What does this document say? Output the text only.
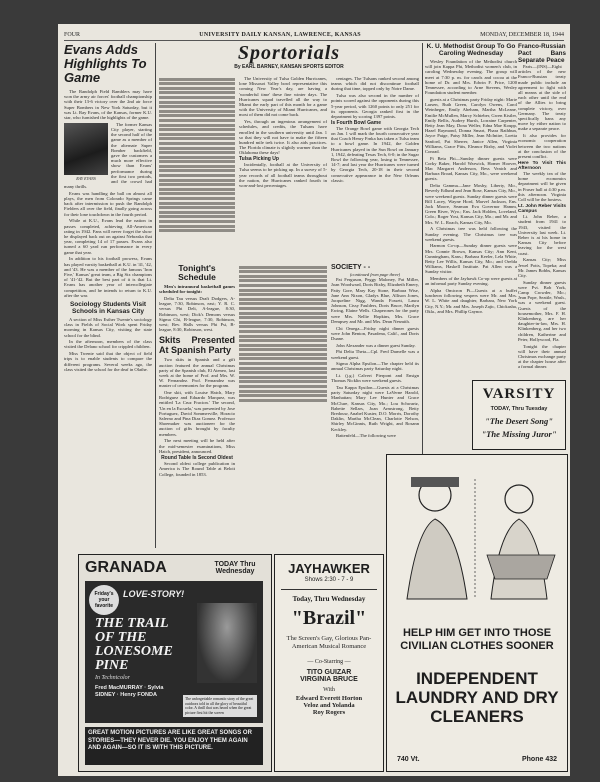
FOUR	UNIVERSITY DAILY KANSAN, LAWRENCE, KANSAS	MONDAY, DECEMBER 18, 1944
Evans Adds Highlights To Game

The Randolph Field Ramblers may have won the army air forces' football championship with their 13-6 victory over the 2nd air force Super Bombers in New York Saturday, but it was Lt. Ray Evans, of the Kansas, former K.U. star, who furnished the highlights of the game.

RAY EVANS

The former Kansas City player, starting the second half of the game as a member of the alternate Super Bomber backfield, gave the customers a much more effective show than Evans' performance during the first two periods, and the crowd had many thrills.

Evans was handling the ball on almost all plays, the men from Colorado Springs came back after intermission to push the Randolph Fielders all over the field, finally going across for their lone touchdown in the fourth period.

While at K.U., Evans lead the nation in passes completed, achieving All-American rating in 1942. Fans will never forget the show he displayed back out on against Nebraska that year, completing 14 of 17 passes. Evans also turned a 60 yard run performance in every game that year.

In addition to his football prowess, Evans has played varsity basketball at K.U. in '41, '42, and '43. He was a member of the famous 'Iron Five,' Kansas' great team, a Big Six champions of '41-'42. But the best part of it is that Lt. Evans has another year of intercollegiate competition, and he intends to return to K.U. after the war.

Sociology Students Visit Schools in Kansas City

A section of Miss Esther Twente's sociology class in Fields of Social Work spent Friday morning in Kansas City, visiting the state school for the blind.

In the afternoon, members of the class visited the Delano school for crippled children.

Miss Twente said that the object of field trips is to enable students to compare the different programs. Several weeks ago, the class visited the school for the deaf in Olathe.

Sportorials
By EARL BARNEY, KANSAN SPORTS EDITOR

The University of Tulsa Golden Hurricanes, lone Missouri Valley bowl representative this coming New Year's day, are having a 'wonderful time' these fine winter days. The Hurricanes squad travelled all the way to Miami the early part of this month for a game with the University of Miami Hurricanes, and most of them did not come back.

Yes, through an ingenious arrangement of schedules, and credits, the Tulsans have enrolled in the southern university until Jan. 1 so that they will not have to make the fifteen hundred mile trek twice. It also aids practices. The Florida climate is slightly warmer than the Oklahoma these days!

Tulsa Picking Up

Incidentally, football at the University of Tulsa seems to be picking up. In a survey of 5-year records of all football teams throughout the nation, the Hurricanes ranked fourth in won-and-lost percentages.

centages. The Tulsans ranked second among teams which did not discontinue football during that time, topped only by Notre Dame.

Tulsa was also second in the number of points scored against the opponents during this 5-year period, with 1260 points to only 251 for its opponents. Georgia ranked first in the department by scoring 1397 points.

Is Fourth Bowl Game

The Orange Bowl game with Georgia Tech on Jan. 1 will mark the fourth consecutive year that Coach Henry Frnka has taken a Tulsa team to a bowl game. In 1942, the Golden Hurricanes played in the Sun Bowl on January 1, 1942, defeating Texas Tech, 6-0; in the Sugar Bowl the following year, losing to Tennessee, 14-7; and last year the Hurricanes were turned by Georgia Tech, 20-18 in their second consecutive appearance in the New Orleans classic.

Tonight's Schedule

Men's intramural basketball games scheduled for tonight:

Delta Tau versus Draft Dodgers, A-league, 7:30, Robinson, east; Y. R. C. versus Phi Delt, A-league, 8:30, Robinson, west; Dick's Demons versus Sigma Chi, B-league, 7:30, Robinson, west; Bev. Halls versus Phi Psi, B-league, 8:30, Robinson, west.

Skits Presented At Spanish Party

Two skits in Spanish and a gift auction featured the annual Christmas party of the Spanish club, El Ateneo, last week at the home of Prof. and Mrs. W. W. Fernandez. Prof. Fernandez was master of ceremonies for the program.

One skit, with Louise Hatch, Mary Rodriguez and Eduardo Marquez, was entitled 'La Cruz Fracion.' The second, 'Un en la Escuela,' was presented by Jose Portuguez, David Sommerville, Horacio Salerno and Pina Diaz Gomez. Professor Shoemaker was auctioneer for the auction of gifts brought by faculty members.

The next meeting will be held after the mid-semester examinations, Miss Hatch, president, announced.

Round Table Is Second Oldest

Second oldest college publication in America is The Round Table at Beloit College, founded in 1853.

SOCIETY - -
(continued from page three)

Pat Ferguson, Peggy Maloney, Pat Miller, Joan Woodward, Doris Bixby, Elizabeth Emery, Patty Gore, Mary Kay Stone, Barbara Wise, Jane Ann Nixon, Gladys Blue, Allison Jones, Jacqueline Nigg, Wanda Fossett, Laura Johnson, Cissy Faulders, Doris Bruce, Marilyn Ewing, Elaine Wells. Chaperones for the party were Mrs. Nellie Hopkins, Mrs. Grace Dempsey and Mr. and Mrs. Dean Nesmith.

Chi Omega—Friday night dinner guests were John Benton, Pasadena, Calif., and Doris Duane.

John Alexander was a dinner guest Sunday.

Phi Delta Theta—Cpl. Fred Darnelle was a weekend guest.

Sigma Alpha Epsilon—The chapter held its annual Christmas party Saturday night.

Lt. (j.g.) Calvert Pierpont and Ensign Thomas Nicklin were weekend guests.

Tau Kappa Epsilon—Guests at a Christmas party Saturday night were LaVerne Harold, Manhattan; Mary Lee Hunter and Grace McClure, Kansas City, Mo.; Lou Schwartz, Babette Sellars, Joan Armstrong, Betty Bredouw, Anabel Kuster, D.O. Morris, Dorothy Daklin, Martha McClean, Charlotte Nelson, Shirley McGinnis, Ruth Wright, and Rosann Keckley.

Battenfeld—The following were

K. U. Methodist Group To Go Caroling Wednesday

Wesley Foundation of the Methodist church will join Kappa Phi, Methodist women's club, in caroling Wednesday evening. The group will meet at 7:30 p. m. for carols and cocoa at the home of Dr. and Mrs. Edwin F. Price, 1200 Tennessee, according to Arne Stevens, Wesley Foundation student member.

guests at a Christmas party Friday night: Marie Larsen, Ruth Green, Carolyn Owens, Carol Weinheger, Emily Abeham, Martha McLeane, Emilie McMullen, Marcy Schieber, Gwen Kistler, Emily Bellis, Audrey Hursh, Lorraine Carpenter, Betty Jean May, Dona Weller, Edna Mae Koupp, Hazel Raymond, Donna Smart, Phara Rathbun, Joyce Paige, Patsy Miller, Jean McIntire, Loetta Sanford, Pat Sherrer, Janice Allen, Virginia Williams, Grace Pitts, Eleanor Bixby, and Violet Conrad.

Pi Beta Phi—Sunday dinner guests were Corky Baker, Harold Warwick, Homer Hoover, Mac Margaret Anderson, Bess Veatch and Barbara Broad, Kansas City, Mo., were weekend guests.

Delta Gamma—Jane Mosby, Liberty, Mo., Beverly Edlund and Jean Rose, Kansas City, Mo., were weekend guests. Sunday dinner guests were Bill Lacey, Wayne Hord, Marvel Jackson, Ens. Jack Moore, Seaman Eva Governor Hamm, Green River, Wyo.; Ens. Jack Holden, Loveland, Colo.; Roger Yost, Kansas City, Mo.; and Mr. and Mrs. W. L. Roach, Kansas City, Mo.

A Christmas tree was held following the Sunday evening. The Christmas tree was weekend guests.

Harmon Co-op—Sunday dinner guests were Mrs. Connie Brown, Kansas City; Ann Kent, Cunningham, Kans.; Barbara Keeler, Lela White, Betty Lee Willis, Kansas City, Mo.; and Orelda Williams, Haskell Institute. Pat Allen was a Sunday visitor.

Members of the Jayhawk Co-op were guests at an informal party Sunday evening.

Alpha Omicron Pi—Guests at a buffet luncheon following vespers were Mr. and Mrs. W. L. White and daughter, Barbara, New York City, N.Y.; Mr. and Mrs. Joseph Zajic, Chickasha, Okla., and Mrs. Phillip Gaynor.

Franco-Russian Pact Bans Separate Peace

Paris—(INS)—Eight articles of the new Franco-Russian treaty made public include an agreement to fight with all means at the side of each other until the end of the Allies to bring complete victory, over Germany. The treaty specifically bans any move by either nation to make a separate peace.

It also provides for economic cooperation between the two nations at the conclusion of the present conflict.

Here To Visit This Afternoon

The weekly tea of the home economics department will be given in Fraser hall at 4:30 p.m. this afternoon. Virginia Coll will be the hostess.

Lt. John Reber Visits Campus

Lt. John Reber, a student from 1941 to 1943, visited the University last week. Lt. Reber is at his home in Kansas City before leaving for the west coast.

Kansas City; Miss Jewel Potts, Topeka; and Mr. James Bobbs, Kansas City.

Sunday dinner guests were Pvt. Bob York, Camp Crowder, Mo.; Jean Pope, Seattle, Wash., was a weekend guest. Guests of the housemother, Mrs. F. H. Klinkenberg, are her daughter-in-law, Mrs. H. Klinkenberg, and her two children, Katherine and Peter, Hollywood, Fla.

Tonight the chapter will have their annual Christmas exchange party at the chapter house after a formal dinner.

VARSITY
TODAY, Thru Tuesday
"The Desert Song"
"The Missing Juror"
GRANADA	TODAY Thru Wednesday
Friday's your favorite
LOVE-STORY!
THE TRAIL OF THE LONESOME PINE
In Technicolor
Fred MacMURRAY · Sylvia SIDNEY · Henry FONDA
The unforgettable romantic story of the great outdoors told in all the glory of beautiful color. A thrill that was heard when the great picture first hit the screen
GREAT MOTION PICTURES ARE LIKE GREAT SONGS OR STORIES—THEY NEVER DIE. YOU ENJOY THEM AGAIN AND AGAIN—SO IT IS WITH THIS PICTURE.
JAYHAWKER
Shows 2:30 - 7 - 9
Today, Thru Wednesday
"Brazil"
The Screen's Gay, Glorious Pan-American Musical Romance
— Co-Starring —
TITO GUIZAR
VIRGINIA BRUCE
With
Edward Everett Horton
Veloz and Yolanda
Roy Rogers
HELP HIM GET INTO THOSE CIVILIAN CLOTHES SOONER
INDEPENDENT LAUNDRY AND DRY CLEANERS
740 Vt.	Phone 432
